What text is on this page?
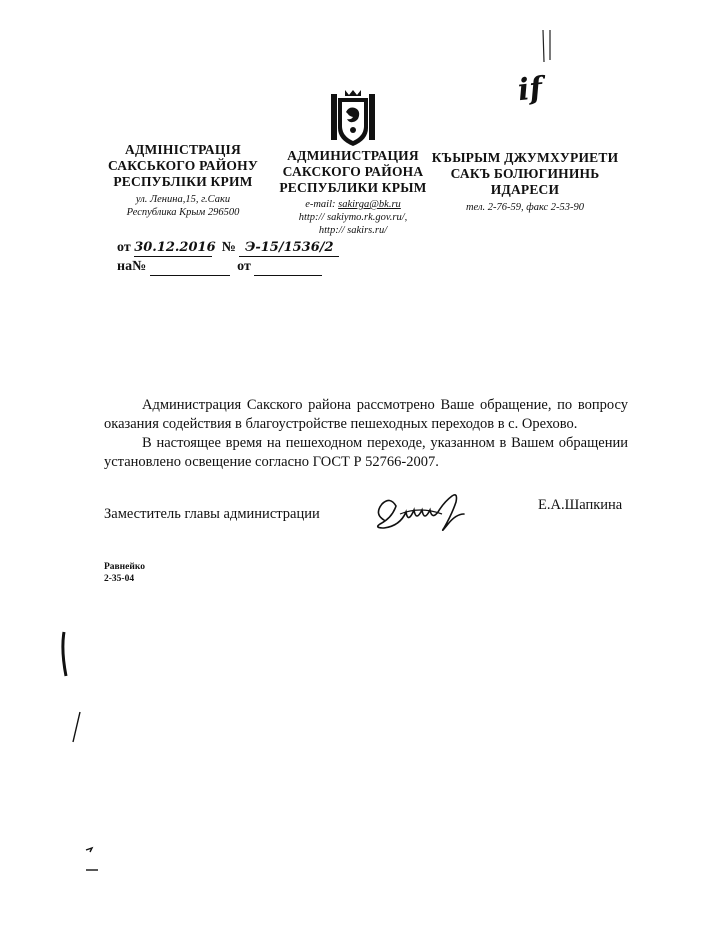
if
АДМІНІСТРАЦІЯ
САКСЬКОГО РАЙОНУ
РЕСПУБЛІКИ КРИМ
ул. Ленина,15, г.Саки
Республика Крым 296500
АДМИНИСТРАЦИЯ
САКСКОГО РАЙОНА
РЕСПУБЛИКИ КРЫМ
e-mail: sakirga@bk.ru
http:// sakiymo.rk.gov.ru/,
http:// sakirs.ru/
КЪЫРЫМ ДЖУМХУРИЕТИ
САКЪ БОЛЮГИНИНЬ
ИДАРЕСИ
тел. 2-76-59, факс 2-53-90
от 30.12.2016 № Э-15/1536/2
на№	от

Администрация Сакского района рассмотрено Ваше обращение, по вопросу оказания содействия в благоустройстве пешеходных переходов в с. Орехово.

В настоящее время на пешеходном переходе, указанном в Вашем обращении установлено освещение согласно ГОСТ Р 52766-2007.

Заместитель главы администрации
Е.А.Шапкина
Равнейко
2-35-04
